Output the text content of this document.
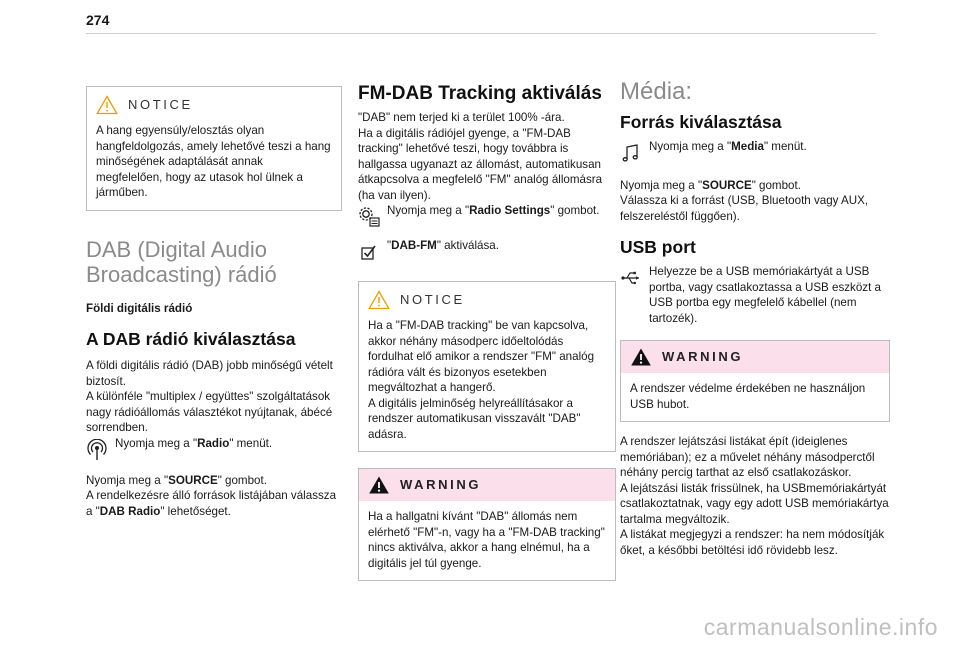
274
NOTICE

A hang egyensúly/elosztás olyan hangfeldolgozás, amely lehetővé teszi a hang minőségének adaptálását annak megfelelően, hogy az utasok hol ülnek a járműben.

DAB (Digital Audio Broadcasting) rádió

Földi digitális rádió

A DAB rádió kiválasztása

A földi digitális rádió (DAB) jobb minőségű vételt biztosít.

A különféle "multiplex / együttes" szolgáltatások nagy rádióállomás választékot nyújtanak, ábécé sorrendben.

Nyomja meg a "Radio" menüt.

Nyomja meg a "SOURCE" gombot.

A rendelkezésre álló források listájában válassza a "DAB Radio" lehetőséget.

FM-DAB Tracking aktiválás

"DAB" nem terjed ki a terület 100% -ára.

Ha a digitális rádiójel gyenge, a "FM-DAB tracking" lehetővé teszi, hogy továbbra is hallgassa ugyanazt az állomást, automatikusan átkapcsolva a megfelelő "FM" analóg állomásra (ha van ilyen).

Nyomja meg a "Radio Settings" gombot.

"DAB-FM" aktiválása.

NOTICE

Ha a "FM-DAB tracking" be van kapcsolva, akkor néhány másodperc időeltolódás fordulhat elő amikor a rendszer "FM" analóg rádióra vált és bizonyos esetekben megváltozhat a hangerő.

A digitális jelminőség helyreállításakor a rendszer automatikusan visszavált "DAB" adásra.

WARNING

Ha a hallgatni kívánt "DAB" állomás nem elérhető "FM"-n, vagy ha a "FM-DAB tracking" nincs aktiválva, akkor a hang elnémul, ha a digitális jel túl gyenge.

Média:
Forrás kiválasztása

Nyomja meg a "Media" menüt.

Nyomja meg a "SOURCE" gombot.

Válassza ki a forrást (USB, Bluetooth vagy AUX, felszereléstől függően).

USB port

Helyezze be a USB memóriakártyát a USB portba, vagy csatlakoztassa a USB eszközt a USB portba egy megfelelő kábellel (nem tartozék).

WARNING

A rendszer védelme érdekében ne használjon USB hubot.

A rendszer lejátszási listákat épít (ideiglenes memóriában); ez a művelet néhány másodperctől néhány percig tarthat az első csatlakozáskor.

A lejátszási listák frissülnek, ha USBmemóriakártyát csatlakoztatnak, vagy egy adott USB memóriakártya tartalma megváltozik.

A listákat megjegyzi a rendszer: ha nem módosítják őket, a későbbi betöltési idő rövidebb lesz.

carmanualsonline.info
